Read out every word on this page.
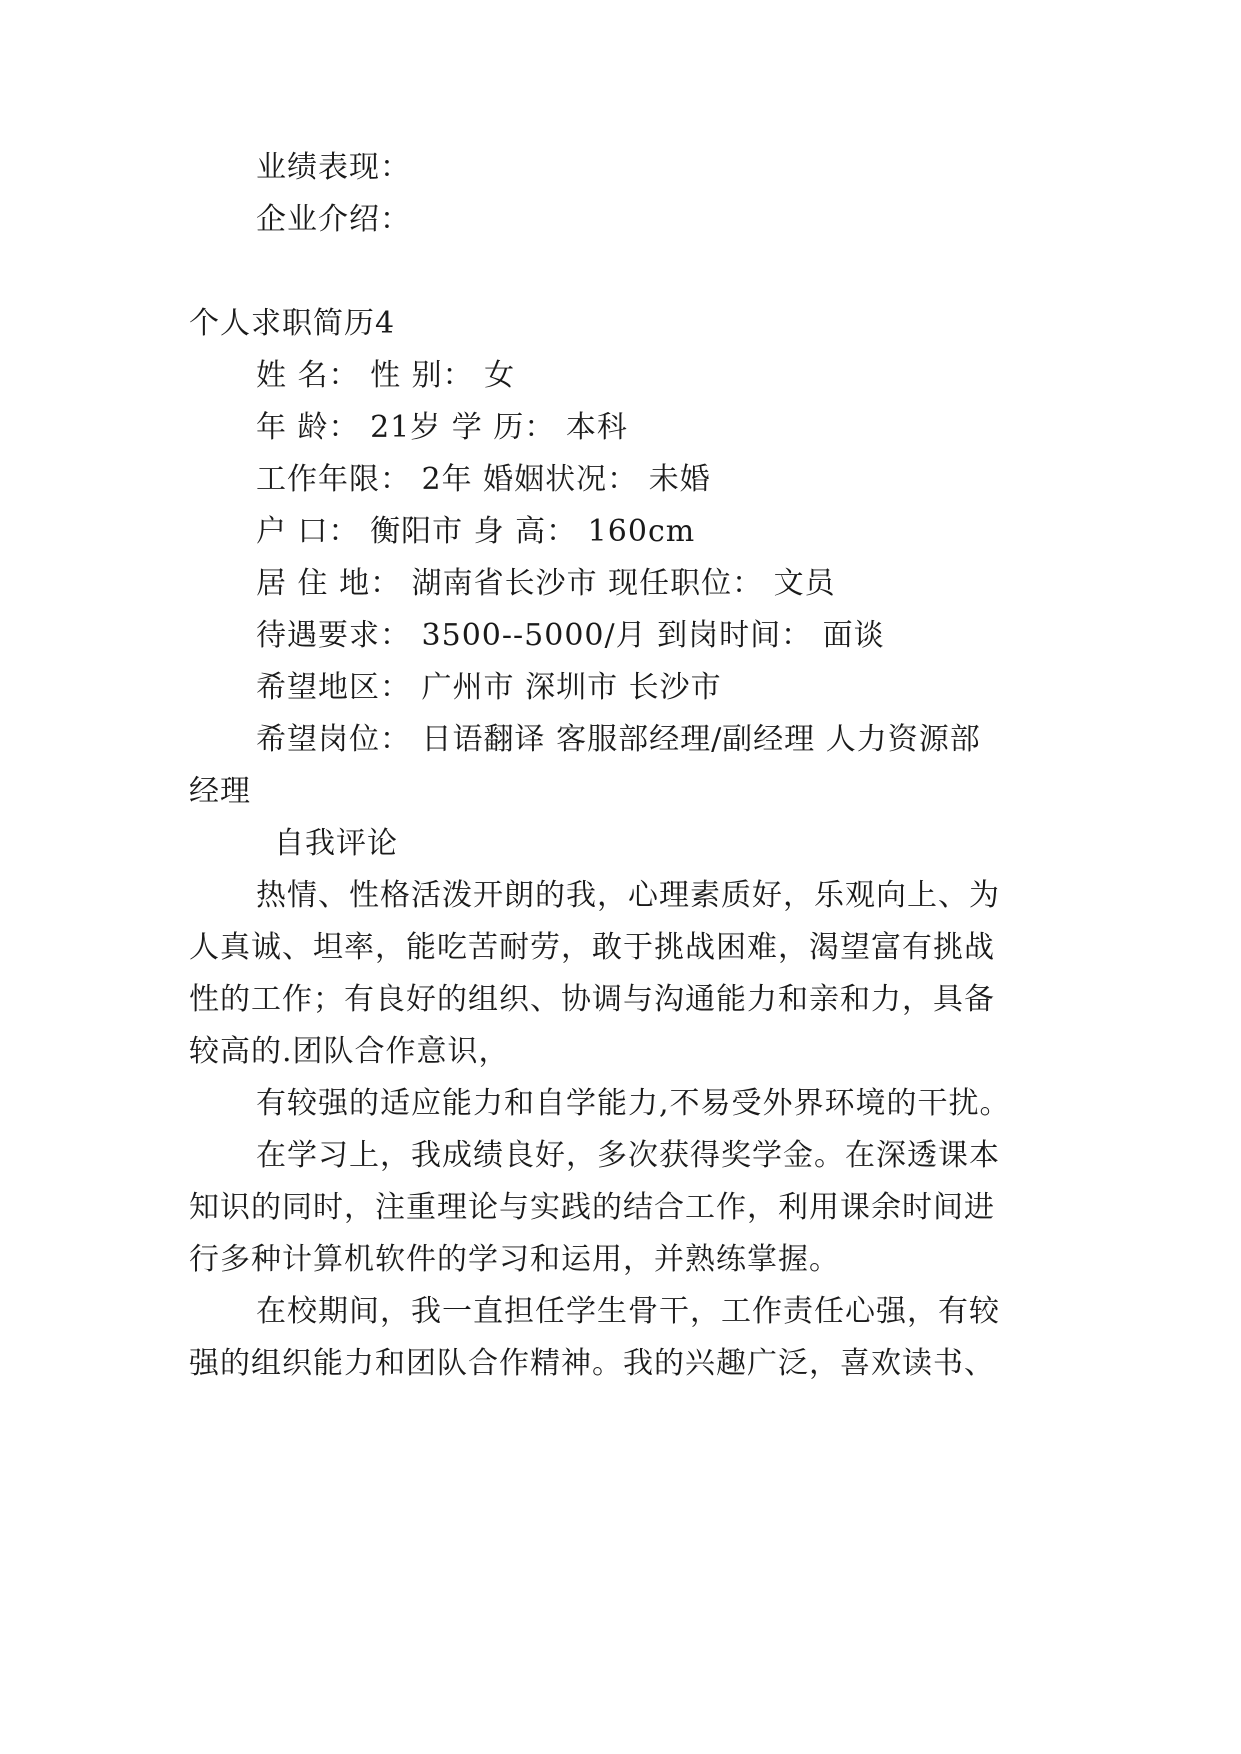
业绩表现：
企业介绍：
个人求职简历4
姓 名： 性 别： 女
年 龄： 21岁 学 历： 本科
工作年限： 2年 婚姻状况： 未婚
户 口： 衡阳市 身 高： 160cm
居 住 地： 湖南省长沙市 现任职位： 文员
待遇要求： 3500--5000/月 到岗时间： 面谈
希望地区： 广州市 深圳市 长沙市
希望岗位： 日语翻译 客服部经理/副经理 人力资源部
经理
自我评论
热情、性格活泼开朗的我，心理素质好，乐观向上、为
人真诚、坦率，能吃苦耐劳，敢于挑战困难，渴望富有挑战
性的工作；有良好的组织、协调与沟通能力和亲和力，具备
较高的.团队合作意识，
有较强的适应能力和自学能力,不易受外界环境的干扰。
在学习上，我成绩良好，多次获得奖学金。在深透课本
知识的同时，注重理论与实践的结合工作，利用课余时间进
行多种计算机软件的学习和运用，并熟练掌握。
在校期间，我一直担任学生骨干，工作责任心强，有较
强的组织能力和团队合作精神。我的兴趣广泛，喜欢读书、
